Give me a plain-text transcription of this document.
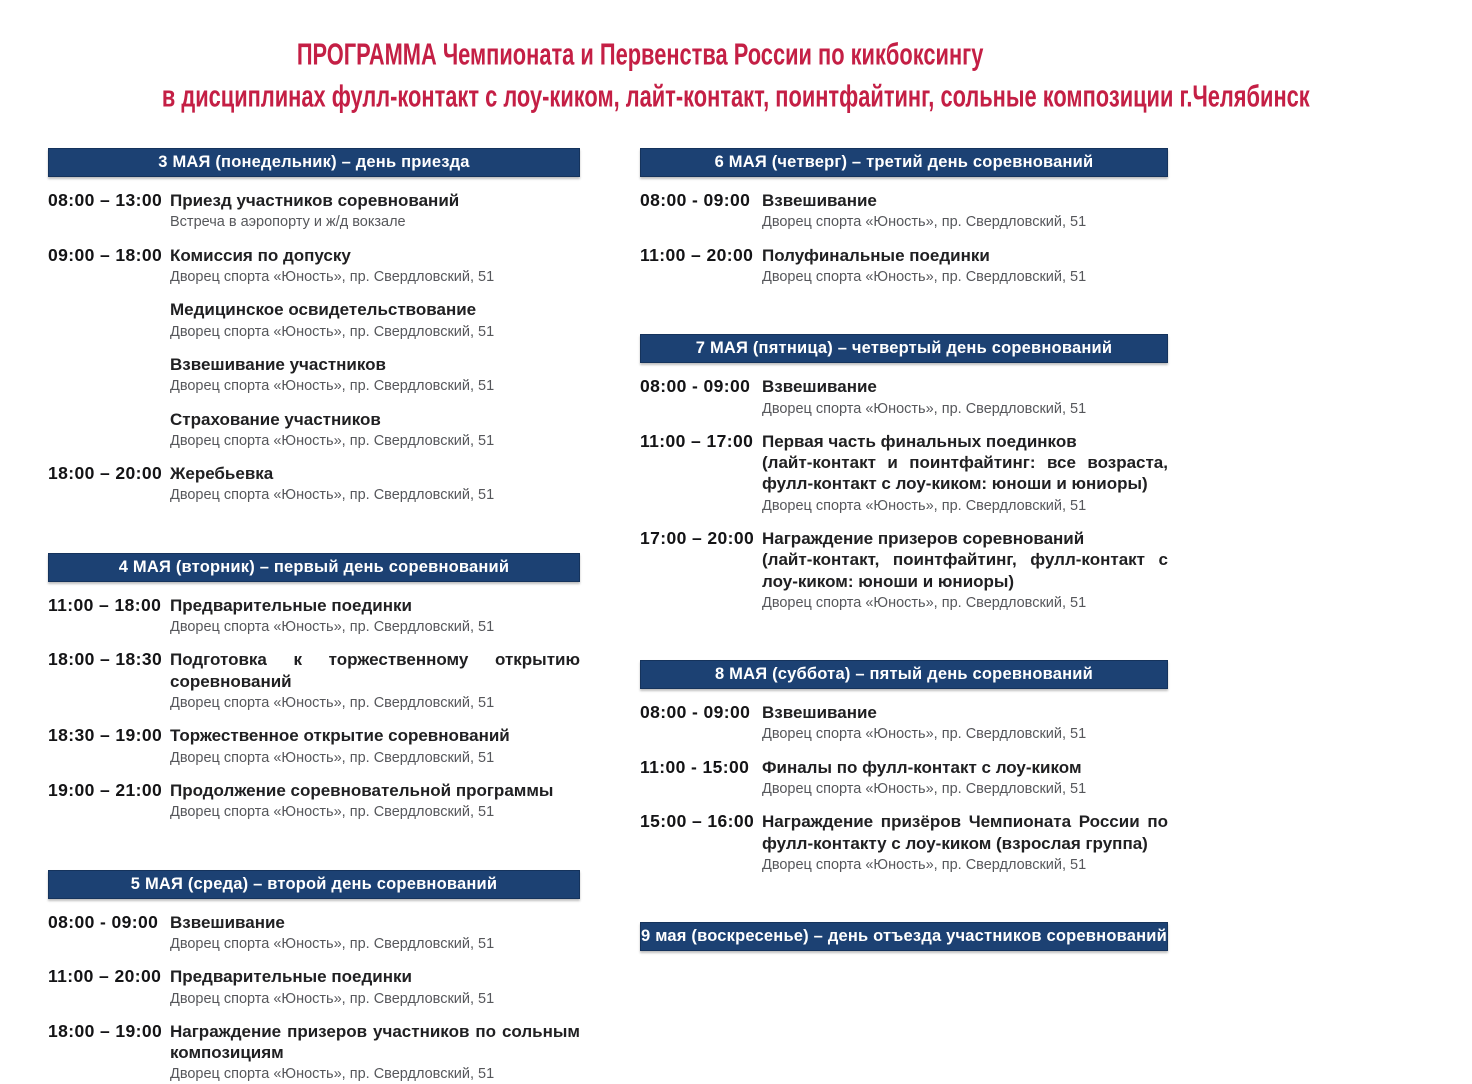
ПРОГРАММА Чемпионата и Первенства России по кикбоксингу
в дисциплинах фулл-контакт с лоу-киком, лайт-контакт, поинтфайтинг, сольные композиции г.Челябинск
3 МАЯ (понедельник) – день приезда
08:00 – 13:00 Приезд участников соревнований
Встреча в аэропорту и ж/д вокзале
09:00 – 18:00 Комиссия по допуску
Дворец спорта «Юность», пр. Свердловский, 51
Медицинское освидетельствование
Дворец спорта «Юность», пр. Свердловский, 51
Взвешивание участников
Дворец спорта «Юность», пр. Свердловский, 51
Страхование участников
Дворец спорта «Юность», пр. Свердловский, 51
18:00 – 20:00 Жеребьевка
Дворец спорта «Юность», пр. Свердловский, 51
4 МАЯ (вторник) – первый день соревнований
11:00 – 18:00 Предварительные поединки
Дворец спорта «Юность», пр. Свердловский, 51
18:00 – 18:30 Подготовка к торжественному открытию соревнований
Дворец спорта «Юность», пр. Свердловский, 51
18:30 – 19:00 Торжественное открытие соревнований
Дворец спорта «Юность», пр. Свердловский, 51
19:00 – 21:00 Продолжение соревновательной программы
Дворец спорта «Юность», пр. Свердловский, 51
5 МАЯ (среда) – второй день соревнований
08:00 - 09:00 Взвешивание
Дворец спорта «Юность», пр. Свердловский, 51
11:00 – 20:00 Предварительные поединки
Дворец спорта «Юность», пр. Свердловский, 51
18:00 – 19:00 Награждение призеров участников по сольным композициям
Дворец спорта «Юность», пр. Свердловский, 51
6 МАЯ (четверг) – третий день соревнований
08:00 - 09:00 Взвешивание
Дворец спорта «Юность», пр. Свердловский, 51
11:00 – 20:00 Полуфинальные поединки
Дворец спорта «Юность», пр. Свердловский, 51
7 МАЯ (пятница) – четвертый день соревнований
08:00 - 09:00 Взвешивание
Дворец спорта «Юность», пр. Свердловский, 51
11:00 – 17:00 Первая часть финальных поединков
(лайт-контакт и поинтфайтинг: все возраста, фулл-контакт с лоу-киком: юноши и юниоры)
Дворец спорта «Юность», пр. Свердловский, 51
17:00 – 20:00 Награждение призеров соревнований
(лайт-контакт, поинтфайтинг, фулл-контакт с лоу-киком: юноши и юниоры)
Дворец спорта «Юность», пр. Свердловский, 51
8 МАЯ (суббота) – пятый день соревнований
08:00 - 09:00 Взвешивание
Дворец спорта «Юность», пр. Свердловский, 51
11:00 - 15:00 Финалы по фулл-контакт с лоу-киком
Дворец спорта «Юность», пр. Свердловский, 51
15:00 – 16:00 Награждение призёров Чемпионата России по фулл-контакту с лоу-киком (взрослая группа)
Дворец спорта «Юность», пр. Свердловский, 51
9 мая (воскресенье) – день отъезда участников соревнований
